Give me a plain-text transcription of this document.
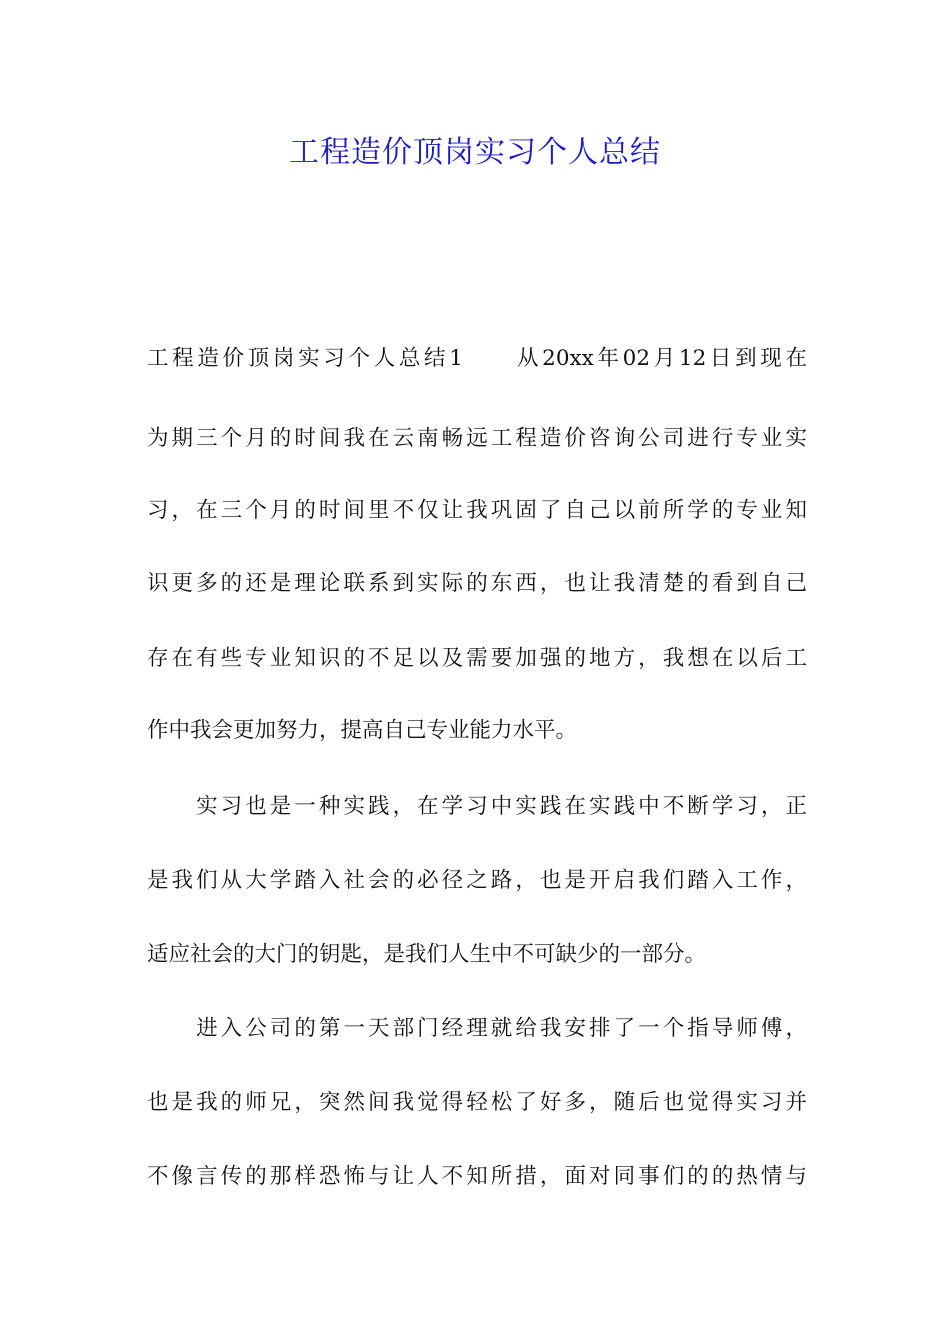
工程造价顶岗实习个人总结

工程造价顶岗实习个人总结1　　从20xx年02月12日到现在

为期三个月的时间我在云南畅远工程造价咨询公司进行专业实

习，在三个月的时间里不仅让我巩固了自己以前所学的专业知

识更多的还是理论联系到实际的东西，也让我清楚的看到自己

存在有些专业知识的不足以及需要加强的地方，我想在以后工

作中我会更加努力，提高自己专业能力水平。

　　实习也是一种实践，在学习中实践在实践中不断学习，正

是我们从大学踏入社会的必径之路，也是开启我们踏入工作，

适应社会的大门的钥匙，是我们人生中不可缺少的一部分。

　　进入公司的第一天部门经理就给我安排了一个指导师傅，

也是我的师兄，突然间我觉得轻松了好多，随后也觉得实习并

不像言传的那样恐怖与让人不知所措，面对同事们的的热情与
